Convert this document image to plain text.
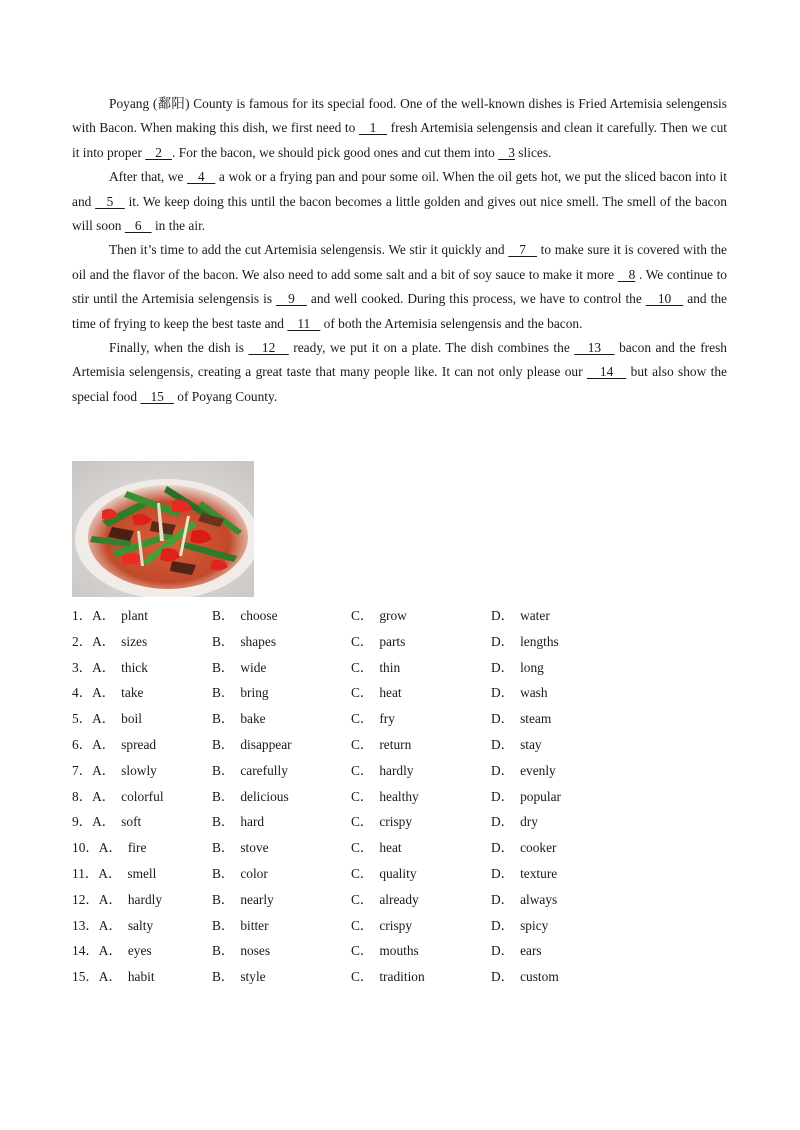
Poyang (鄱阳) County is famous for its special food. One of the well-known dishes is Fried Artemisia selengensis with Bacon. When making this dish, we first need to    1    fresh Artemisia selengensis and clean it carefully. Then we cut it into proper    2   . For the bacon, we should pick good ones and cut them into    3 slices.

After that, we    4    a wok or a frying pan and pour some oil. When the oil gets hot, we put the sliced bacon into it and    5    it. We keep doing this until the bacon becomes a little golden and gives out nice smell. The smell of the bacon will soon    6    in the air.

Then it’s time to add the cut Artemisia selengensis. We stir it quickly and    7    to make sure it is covered with the oil and the flavor of the bacon. We also need to add some salt and a bit of soy sauce to make it more    8 . We continue to stir until the Artemisia selengensis is    9    and well cooked. During this process, we have to control the    10    and the time of frying to keep the best taste and    11    of both the Artemisia selengensis and the bacon.

Finally, when the dish is    12    ready, we put it on a plate. The dish combines the    13    bacon and the fresh Artemisia selengensis, creating a great taste that many people like. It can not only please our    14    but also show the special food    15    of Poyang County.

1．A． plant	B． choose	C． grow	D． water
2．A． sizes	B． shapes	C． parts	D． lengths
3．A． thick	B． wide	C． thin	D． long
4．A． take	B． bring	C． heat	D． wash
5．A． boil	B． bake	C． fry	D． steam
6．A． spread	B． disappear	C． return	D． stay
7．A． slowly	B． carefully	C． hardly	D． evenly
8．A． colorful	B． delicious	C． healthy	D． popular
9．A． soft	B． hard	C． crispy	D． dry
10．A． fire	B． stove	C． heat	D． cooker
11．A． smell	B． color	C． quality	D． texture
12．A． hardly	B． nearly	C． already	D． always
13．A． salty	B． bitter	C． crispy	D． spicy
14．A． eyes	B． noses	C． mouths	D． ears
15．A． habit	B． style	C． tradition	D． custom
